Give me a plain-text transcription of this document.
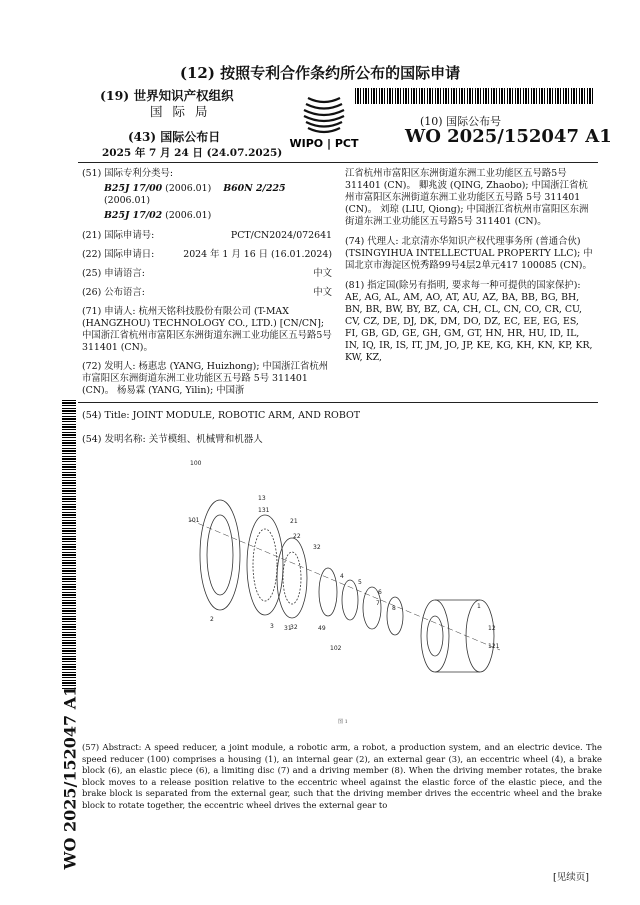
(12) 按照专利合作条约所公布的国际申请
(19) 世界知识产权组织
国 际 局
WIPO | PCT
(43) 国际公布日
2025 年 7 月 24 日 (24.07.2025)
(10) 国际公布号
WO 2025/152047 A1
(51) 国际专利分类号:
B25J 17/00 (2006.01) B60N 2/225 (2006.01)
B25J 17/02 (2006.01)
(21) 国际申请号:	PCT/CN2024/072641
(22) 国际申请日:	2024 年 1 月 16 日 (16.01.2024)
(25) 申请语言:	中文
(26) 公布语言:	中文
(71) 申请人: 杭州天铭科技股份有限公司 (T-MAX (HANGZHOU) TECHNOLOGY CO., LTD.) [CN/CN]; 中国浙江省杭州市富阳区东洲街道东洲工业功能区五号路5号 311401 (CN)。
(72) 发明人: 杨惠忠 (YANG, Huizhong); 中国浙江省杭州市富阳区东洲街道东洲工业功能区五号路 5号 311401 (CN)。 杨易霖 (YANG, Yilin); 中国浙
江省杭州市富阳区东洲街道东洲工业功能区五号路5号 311401 (CN)。 卿兆波 (QING, Zhaobo); 中国浙江省杭州市富阳区东洲街道东洲工业功能区五号路 5号 311401 (CN)。 刘琼 (LIU, Qiong); 中国浙江省杭州市富阳区东洲街道东洲工业功能区五号路5号 311401 (CN)。
(74) 代理人: 北京清亦华知识产权代理事务所 (普通合伙) (TSINGYIHUA INTELLECTUAL PROPERTY LLC); 中国北京市海淀区悦秀路99号4层2单元417 100085 (CN)。
(81) 指定国(除另有指明, 要求每一种可提供的国家保护): AE, AG, AL, AM, AO, AT, AU, AZ, BA, BB, BG, BH, BN, BR, BW, BY, BZ, CA, CH, CL, CN, CO, CR, CU, CV, CZ, DE, DJ, DK, DM, DO, DZ, EC, EE, EG, ES, FI, GB, GD, GE, GH, GM, GT, HN, HR, HU, ID, IL, IN, IQ, IR, IS, IT, JM, JO, JP, KE, KG, KH, KN, KP, KR, KW, KZ,
WO 2025/152047 A1
(54) Title: JOINT MODULE, ROBOTIC ARM, AND ROBOT
(54) 发明名称: 关节模组、机械臂和机器人
100
13
131
101	21
22
32
4
5
6
7
8	1
12
121
2
3 31
32	49
102
图 1
(57) Abstract: A speed reducer, a joint module, a robotic arm, a robot, a production system, and an electric device. The speed reducer (100) comprises a housing (1), an internal gear (2), an external gear (3), an eccentric wheel (4), a brake block (6), an elastic piece (6), a limiting disc (7) and a driving member (8). When the driving member rotates, the brake block moves to a release position relative to the eccentric wheel against the elastic force of the elastic piece, and the brake block is separated from the external gear, such that the driving member drives the eccentric wheel and the brake block to rotate together, the eccentric wheel drives the external gear to
[见续页]
